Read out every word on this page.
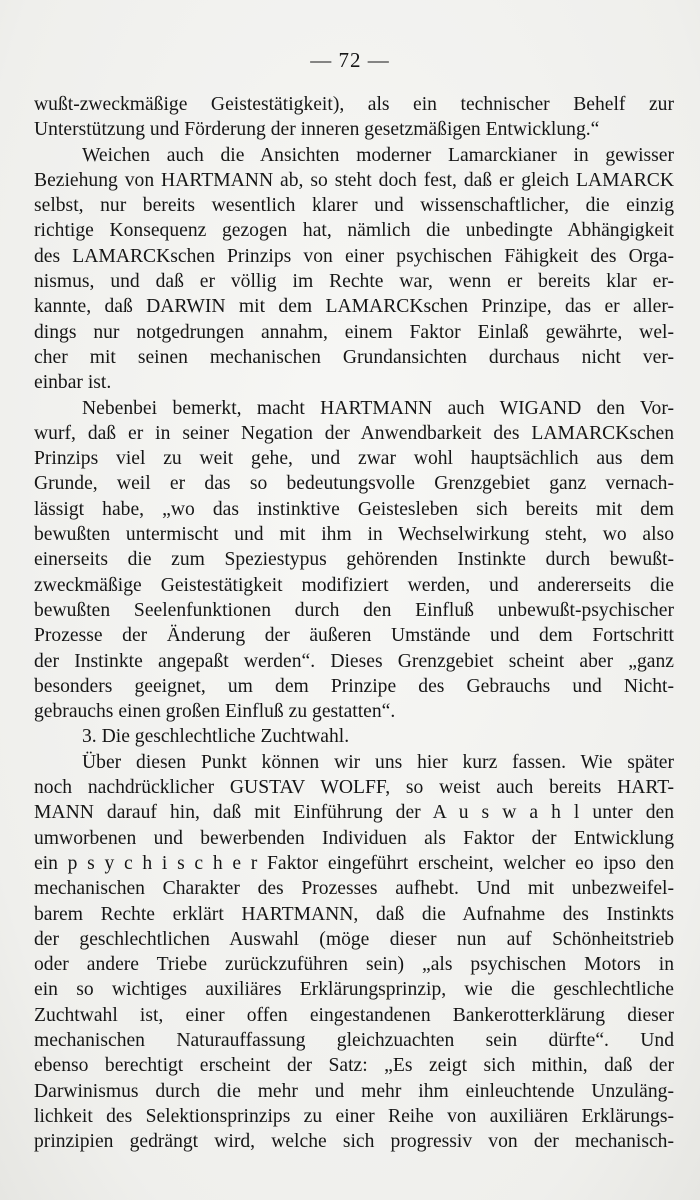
— 72 —
wußt-zweckmäßige Geistestätigkeit), als ein technischer Behelf zur
Unterstützung und Förderung der inneren gesetzmäßigen Entwicklung.“
Weichen auch die Ansichten moderner Lamarckianer in gewisser
Beziehung von HARTMANN ab, so steht doch fest, daß er gleich LAMARCK
selbst, nur bereits wesentlich klarer und wissenschaftlicher, die einzig
richtige Konsequenz gezogen hat, nämlich die unbedingte Abhängigkeit
des LAMARCKschen Prinzips von einer psychischen Fähigkeit des Orga-
nismus, und daß er völlig im Rechte war, wenn er bereits klar er-
kannte, daß DARWIN mit dem LAMARCKschen Prinzipe, das er aller-
dings nur notgedrungen annahm, einem Faktor Einlaß gewährte, wel-
cher mit seinen mechanischen Grundansichten durchaus nicht ver-
einbar ist.
Nebenbei bemerkt, macht HARTMANN auch WIGAND den Vor-
wurf, daß er in seiner Negation der Anwendbarkeit des LAMARCKschen
Prinzips viel zu weit gehe, und zwar wohl hauptsächlich aus dem
Grunde, weil er das so bedeutungsvolle Grenzgebiet ganz vernach-
lässigt habe, „wo das instinktive Geistesleben sich bereits mit dem
bewußten untermischt und mit ihm in Wechselwirkung steht, wo also
einerseits die zum Speziestypus gehörenden Instinkte durch bewußt-
zweckmäßige Geistestätigkeit modifiziert werden, und andererseits die
bewußten Seelenfunktionen durch den Einfluß unbewußt-psychischer
Prozesse der Änderung der äußeren Umstände und dem Fortschritt
der Instinkte angepaßt werden“. Dieses Grenzgebiet scheint aber „ganz
besonders geeignet, um dem Prinzipe des Gebrauchs und Nicht-
gebrauchs einen großen Einfluß zu gestatten“.
3. Die geschlechtliche Zuchtwahl.
Über diesen Punkt können wir uns hier kurz fassen. Wie später
noch nachdrücklicher GUSTAV WOLFF, so weist auch bereits HART-
MANN darauf hin, daß mit Einführung der A u s w a h l unter den
umworbenen und bewerbenden Individuen als Faktor der Entwicklung
ein p s y c h i s c h e r Faktor eingeführt erscheint, welcher eo ipso den
mechanischen Charakter des Prozesses aufhebt. Und mit unbezweifel-
barem Rechte erklärt HARTMANN, daß die Aufnahme des Instinkts
der geschlechtlichen Auswahl (möge dieser nun auf Schönheitstrieb
oder andere Triebe zurückzuführen sein) „als psychischen Motors in
ein so wichtiges auxiliäres Erklärungsprinzip, wie die geschlechtliche
Zuchtwahl ist, einer offen eingestandenen Bankerotterklärung dieser
mechanischen Naturauffassung gleichzuachten sein dürfte“. Und
ebenso berechtigt erscheint der Satz: „Es zeigt sich mithin, daß der
Darwinismus durch die mehr und mehr ihm einleuchtende Unzuläng-
lichkeit des Selektionsprinzips zu einer Reihe von auxiliären Erklärungs-
prinzipien gedrängt wird, welche sich progressiv von der mechanisch-
